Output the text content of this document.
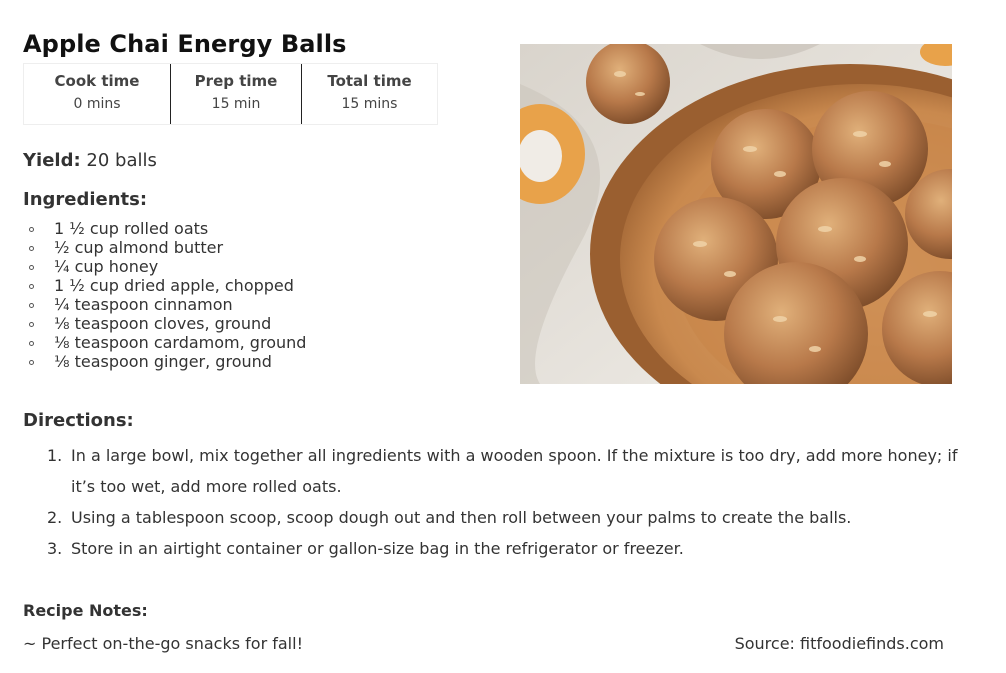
Apple Chai Energy Balls
Cook time
0 mins
Prep time
15 min
Total time
15 mins
Yield: 20 balls
Ingredients:
1 ½ cup rolled oats
½ cup almond butter
¼ cup honey
1 ½ cup dried apple, chopped
¼ teaspoon cinnamon
⅛ teaspoon cloves, ground
⅛ teaspoon cardamom, ground
⅛ teaspoon ginger, ground
Directions:
1. In a large bowl, mix together all ingredients with a wooden spoon. If the mixture is too dry, add more honey; if it’s too wet, add more rolled oats.
2. Using a tablespoon scoop, scoop dough out and then roll between your palms to create the balls.
3. Store in an airtight container or gallon-size bag in the refrigerator or freezer.
Recipe Notes:
~ Perfect on-the-go snacks for fall!	Source: fitfoodiefinds.com
